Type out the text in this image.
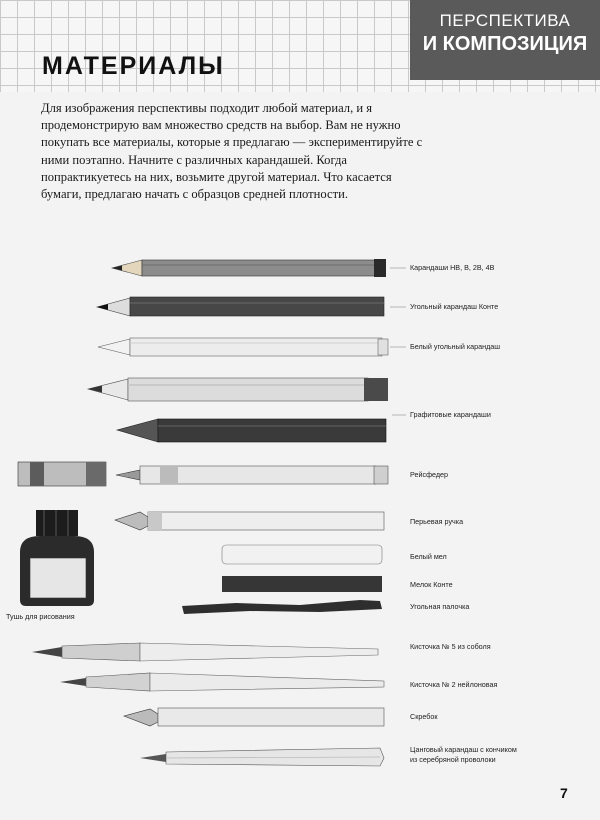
ПЕРСПЕКТИВА
И КОМПОЗИЦИЯ
МАТЕРИАЛЫ

Для изображения перспективы подходит любой материал, и я продемонстрирую вам множество средств на выбор. Вам не нужно покупать все материалы, которые я предлагаю — экспериментируйте с ними поэтапно. Начните с различных карандашей. Когда попрактикуетесь на них, возьмите другой материал. Что касается бумаги, предлагаю начать с образцов средней плотности.

Карандаши HB, B, 2B, 4B
Угольный карандаш Конте
Белый угольный карандаш
Графитовые карандаши
Рейсфедер
Перьевая ручка
Белый мел
Мелок Конте
Угольная палочка
Кисточка № 5 из соболя
Кисточка № 2 нейлоновая
Скребок
Цанговый карандаш с кончиком
из серебряной проволоки
Тушь для рисования
7
